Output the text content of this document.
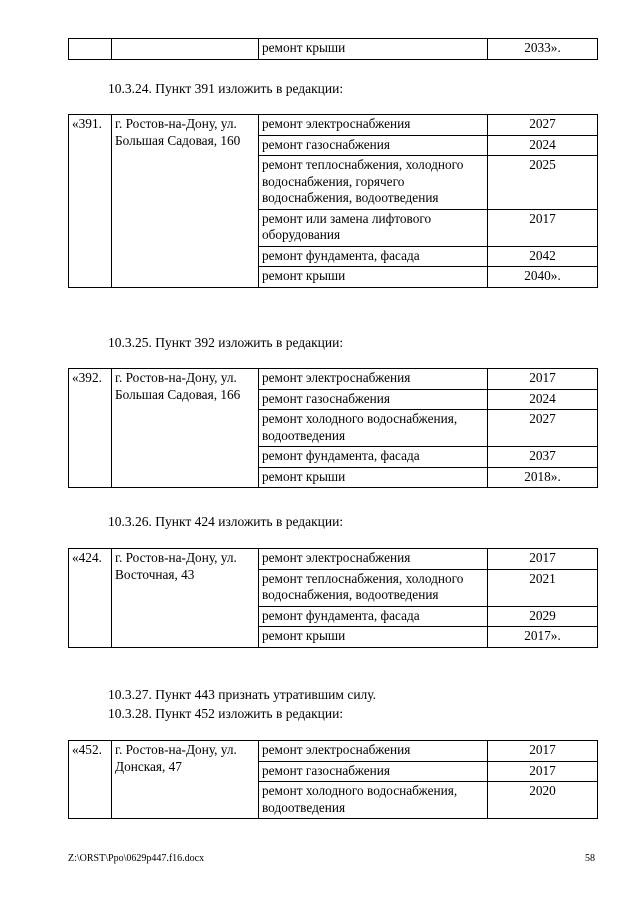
		ремонт крыши	2033».
10.3.24. Пункт 391 изложить в редакции:
«391.	г. Ростов-на-Дону, ул. Большая Садовая, 160	ремонт электроснабжения	2027
		ремонт газоснабжения	2024
		ремонт теплоснабжения, холодного водоснабжения, горячего водоснабжения, водоотведения	2025
		ремонт или замена лифтового оборудования	2017
		ремонт фундамента, фасада	2042
		ремонт крыши	2040».
10.3.25. Пункт 392 изложить в редакции:
«392.	г. Ростов-на-Дону, ул. Большая Садовая, 166	ремонт электроснабжения	2017
		ремонт газоснабжения	2024
		ремонт холодного водоснабжения, водоотведения	2027
		ремонт фундамента, фасада	2037
		ремонт крыши	2018».
10.3.26. Пункт 424 изложить в редакции:
«424.	г. Ростов-на-Дону, ул. Восточная, 43	ремонт электроснабжения	2017
		ремонт теплоснабжения, холодного водоснабжения, водоотведения	2021
		ремонт фундамента, фасада	2029
		ремонт крыши	2017».
10.3.27. Пункт 443 признать утратившим силу.
10.3.28. Пункт 452 изложить в редакции:
«452.	г. Ростов-на-Дону, ул. Донская, 47	ремонт электроснабжения	2017
		ремонт газоснабжения	2017
		ремонт холодного водоснабжения, водоотведения	2020
Z:\ORST\Ppo\0629p447.f16.docx	58
